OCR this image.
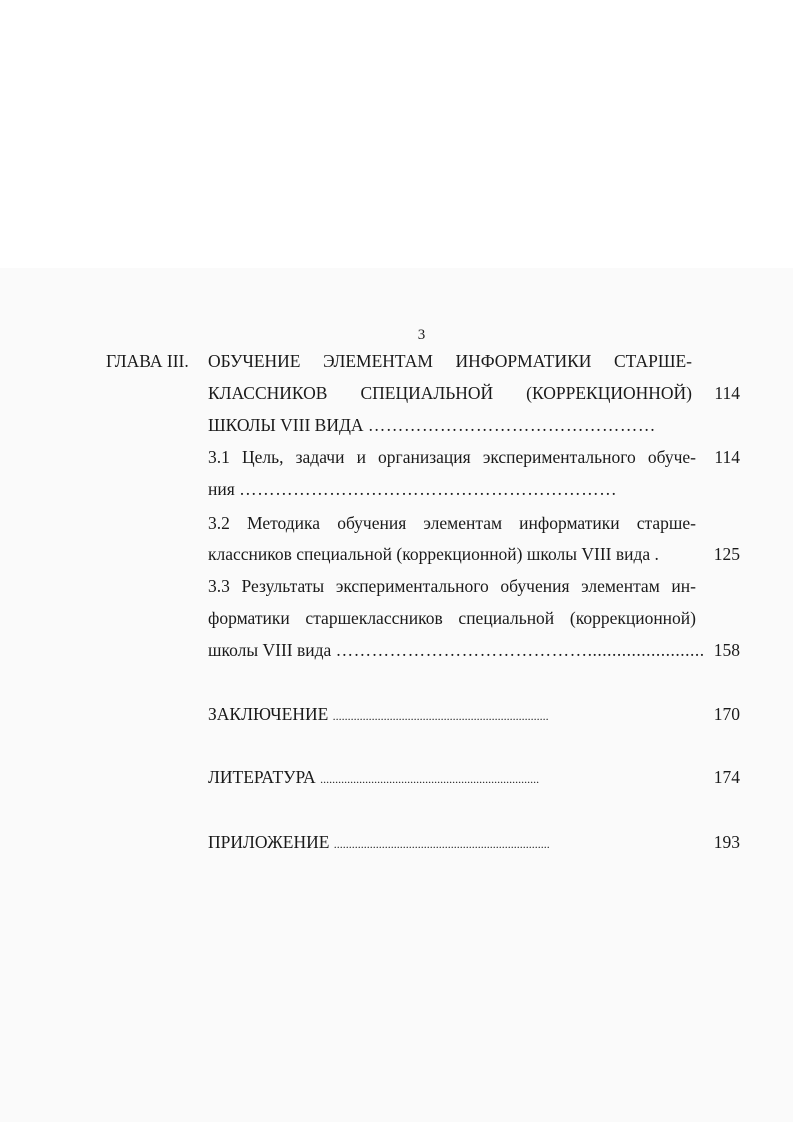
3
ГЛАВА III. ОБУЧЕНИЕ ЭЛЕМЕНТАМ ИНФОРМАТИКИ СТАРШЕ-
КЛАССНИКОВ СПЕЦИАЛЬНОЙ (КОРРЕКЦИОННОЙ)	114
ШКОЛЫ VIII ВИДА …………………………………………
3.1 Цель, задачи и организация экспериментального обуче-	114
ния ………………………………………………………
3.2 Методика обучения элементам информатики старше-
классников специальной (коррекционной) школы VIII вида .	125
3.3 Результаты экспериментального обучения элементам ин-
форматики старшеклассников специальной (коррекционной)
школы VIII вида ……………………………………........................ 158
ЗАКЛЮЧЕНИЕ ........................................................................	170
ЛИТЕРАТУРА .........................................................................	174
ПРИЛОЖЕНИЕ ........................................................................	193
